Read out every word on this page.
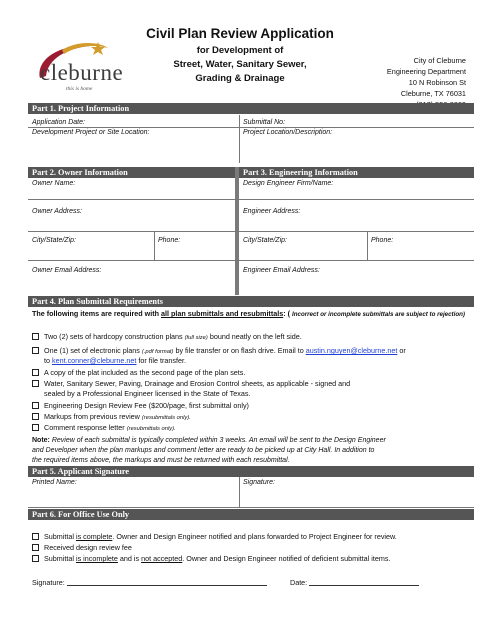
cleburne
this is home
Civil Plan Review Application
for Development of
Street, Water, Sanitary Sewer,
Grading & Drainage
City of Cleburne
Engineering Department
10 N Robinson St
Cleburne, TX 76031
Part 1. Project Information
Application Date:	Submittal No:
Development Project or Site Location:	Project Location/Description:
Part 2. Owner Information	Part 3. Engineering Information
Owner Name:	Design Engineer Firm/Name:
Owner Address:	Engineer Address:
City/State/Zip:	Phone:	City/State/Zip:	Phone:
Owner Email Address:	Engineer Email Address:
Part 4. Plan Submittal Requirements
The following items are required with all plan submittals and resubmittals: ( Incorrect or incomplete submittals are subject to rejection)
Two (2) sets of hardcopy construction plans (full size) bound neatly on the left side.
One (1) set of electronic plans (.pdf format) by file transfer or on flash drive. Email to austin.nguyen@cleburne.net or
to kent.conner@cleburne.net for file transfer.
A copy of the plat included as the second page of the plan sets.
Water, Sanitary Sewer, Paving, Drainage and Erosion Control sheets, as applicable - signed and
sealed by a Professional Engineer licensed in the State of Texas.
Engineering Design Review Fee ($200/page, first submittal only)
Markups from previous review (resubmittals only).
Comment response letter (resubmittals only).
Note: Review of each submittal is typically completed within 3 weeks. An email will be sent to the Design Engineer
and Developer when the plan markups and comment letter are ready to be picked up at City Hall. In addition to
the required items above, the markups and must be returned with each resubmittal.
Part 5. Applicant Signature
Printed Name:	Signature:
Part 6. For Office Use Only
Submittal is complete. Owner and Design Engineer notified and plans forwarded to Project Engineer for review.
Received design review fee
Submittal is incomplete and is not accepted. Owner and Design Engineer notified of deficient submittal items.
Signature:	Date:
